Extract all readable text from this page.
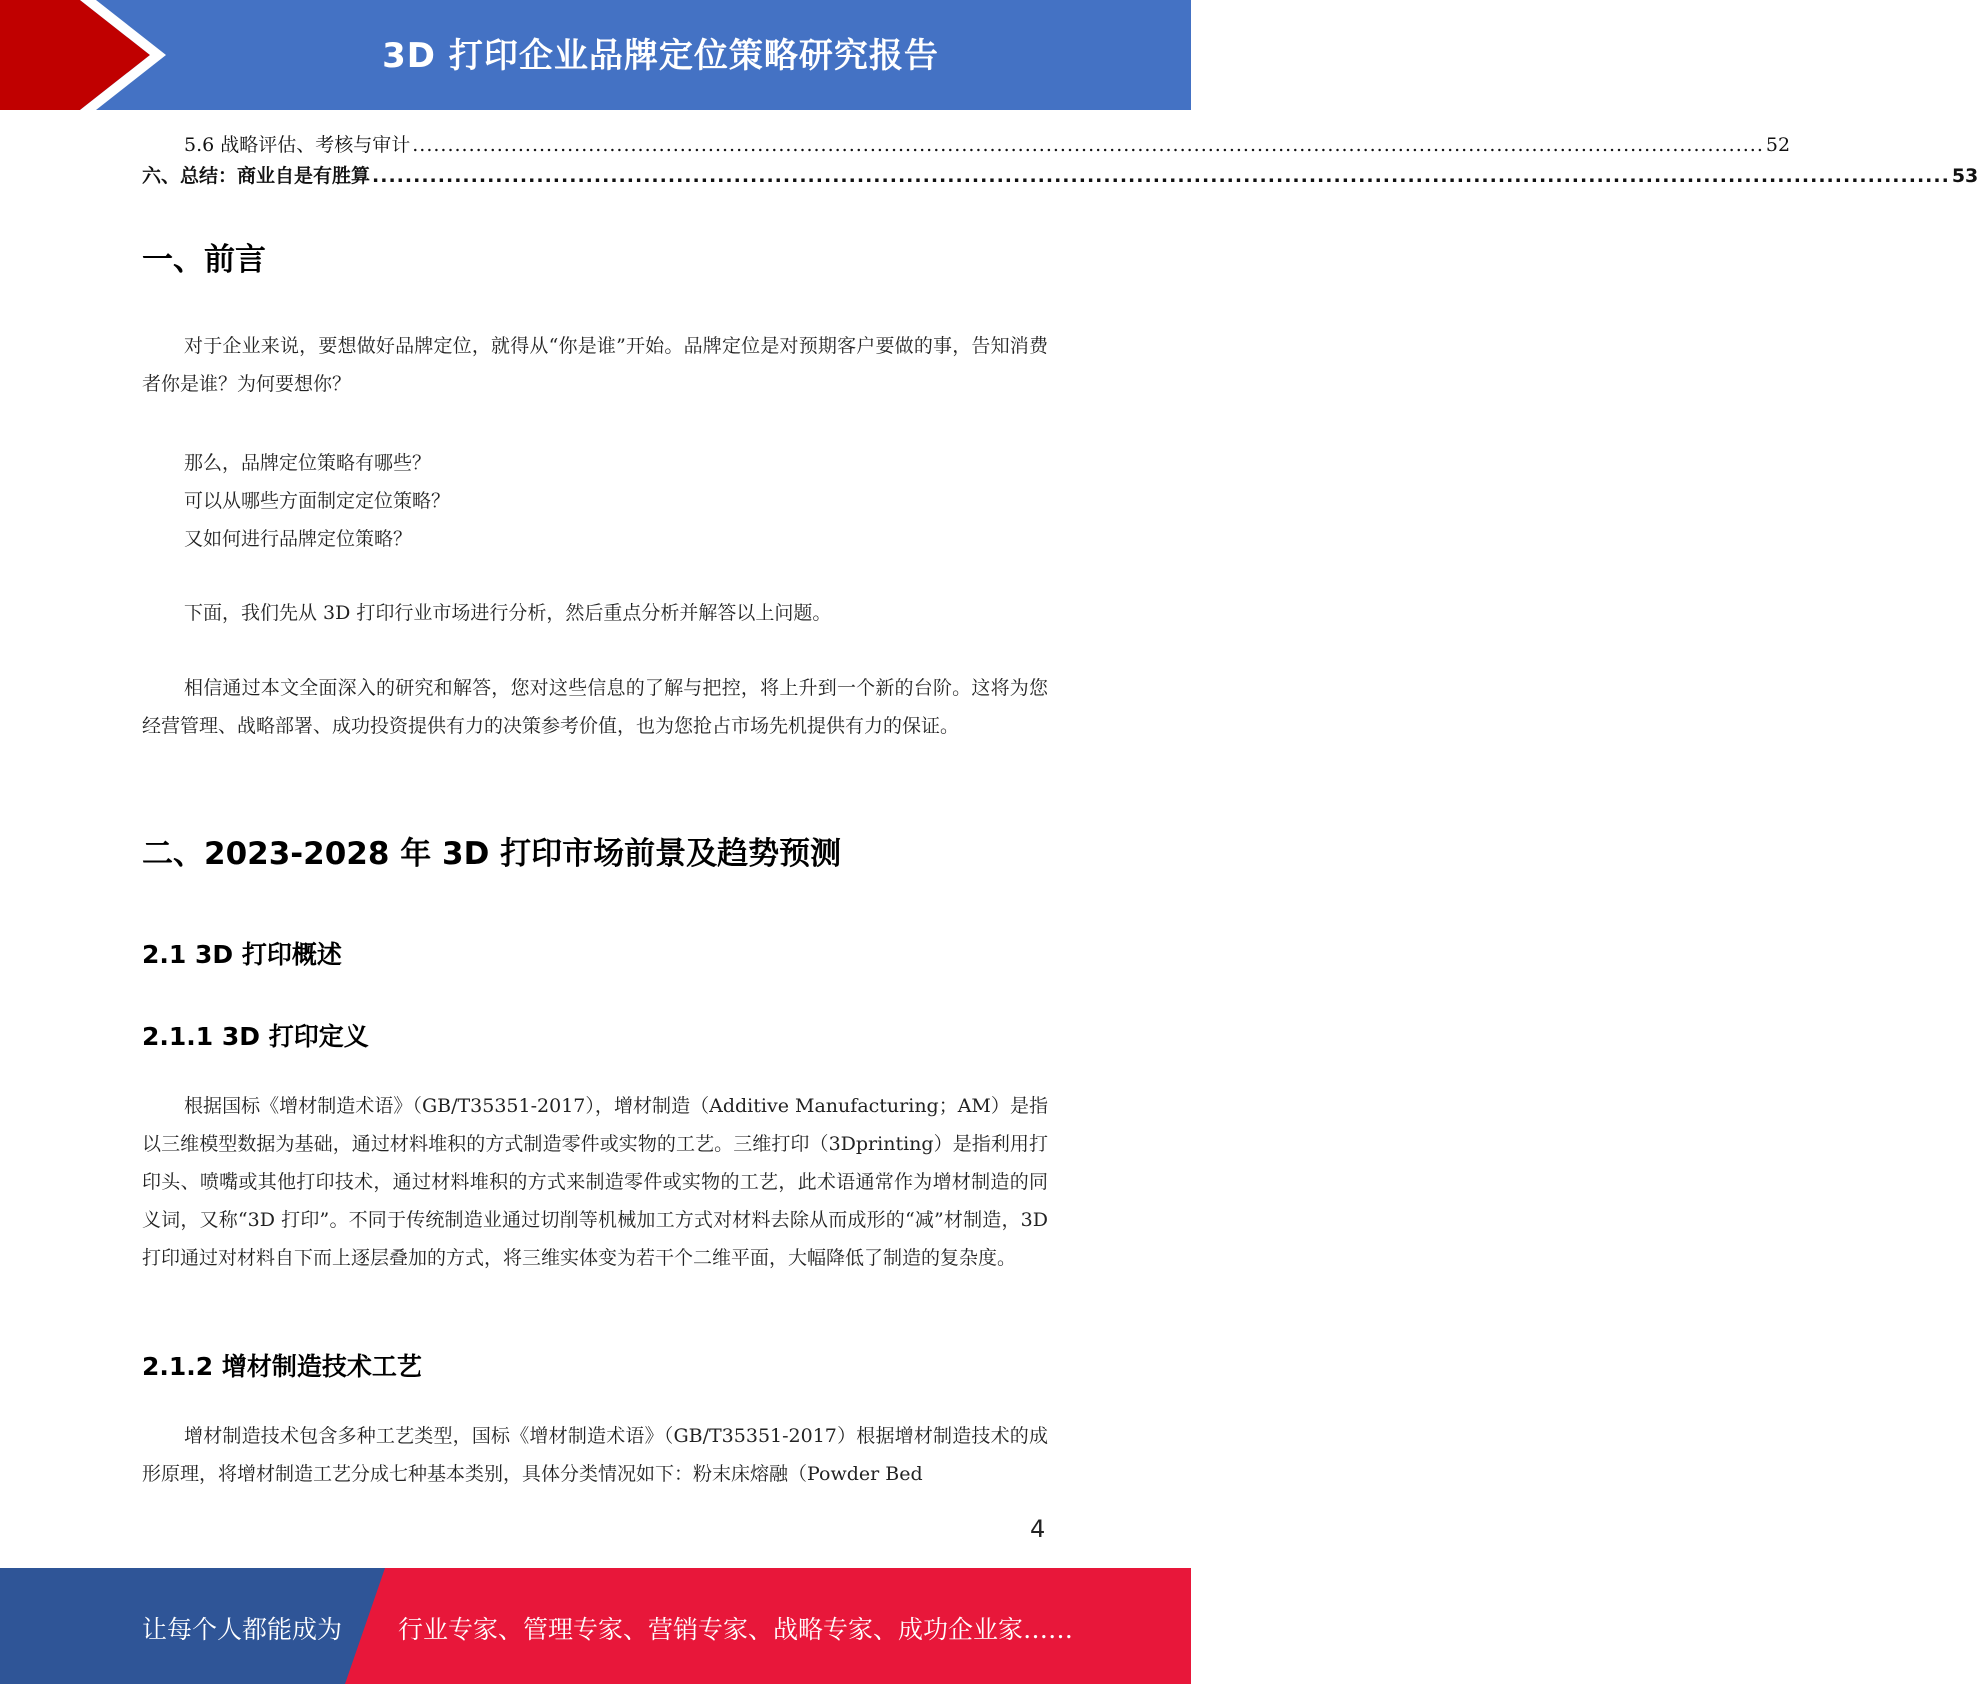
3D 打印企业品牌定位策略研究报告
5.6 战略评估、考核与审计 ................................................................................................................................................................................................ 52
六、总结：商业自是有胜算 ................................................................................................................................................................................................ 53
一、前言

对于企业来说，要想做好品牌定位，就得从“你是谁”开始。品牌定位是对预期客户要做的事，告知消费者你是谁？为何要想你？

那么，品牌定位策略有哪些？
可以从哪些方面制定定位策略？
又如何进行品牌定位策略？

下面，我们先从 3D 打印行业市场进行分析，然后重点分析并解答以上问题。

相信通过本文全面深入的研究和解答，您对这些信息的了解与把控，将上升到一个新的台阶。这将为您经营管理、战略部署、成功投资提供有力的决策参考价值，也为您抢占市场先机提供有力的保证。

二、2023-2028 年 3D 打印市场前景及趋势预测
2.1 3D 打印概述
2.1.1 3D 打印定义

根据国标《增材制造术语》（GB/T35351-2017），增材制造（Additive Manufacturing；AM）是指以三维模型数据为基础，通过材料堆积的方式制造零件或实物的工艺。三维打印（3Dprinting）是指利用打印头、喷嘴或其他打印技术，通过材料堆积的方式来制造零件或实物的工艺，此术语通常作为增材制造的同义词，又称“3D 打印”。不同于传统制造业通过切削等机械加工方式对材料去除从而成形的“减”材制造，3D 打印通过对材料自下而上逐层叠加的方式，将三维实体变为若干个二维平面，大幅降低了制造的复杂度。

2.1.2 增材制造技术工艺

增材制造技术包含多种工艺类型，国标《增材制造术语》（GB/T35351-2017）根据增材制造技术的成形原理，将增材制造工艺分成七种基本类别，具体分类情况如下：粉末床熔融（Powder Bed

4
让每个人都能成为 行业专家、管理专家、营销专家、战略专家、成功企业家……
